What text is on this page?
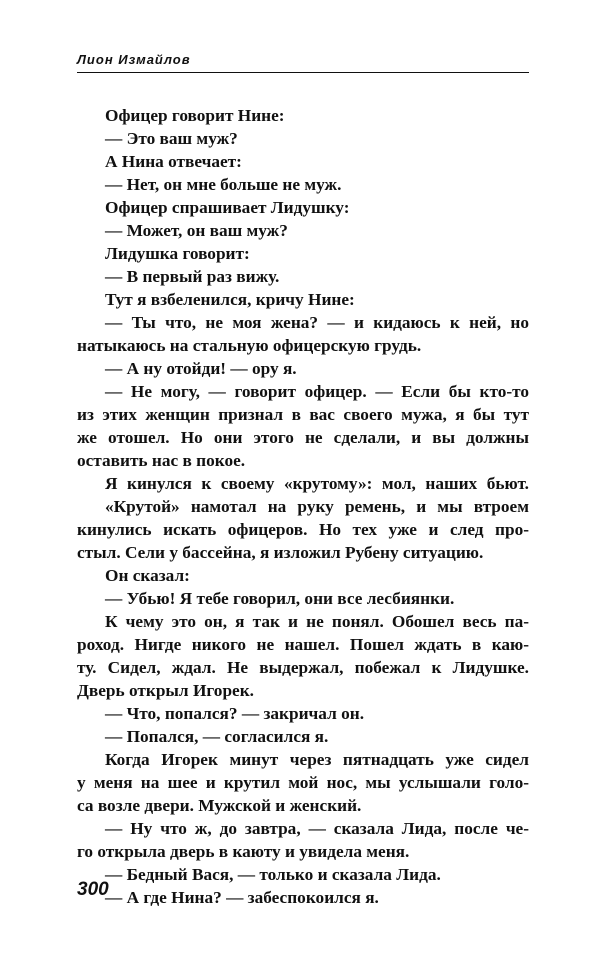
Лион Измайлов
Офицер говорит Нине:
— Это ваш муж?
А Нина отвечает:
— Нет, он мне больше не муж.
Офицер спрашивает Лидушку:
— Может, он ваш муж?
Лидушка говорит:
— В первый раз вижу.
Тут я взбеленился, кричу Нине:
— Ты что, не моя жена? — и кидаюсь к ней, но
натыкаюсь на стальную офицерскую грудь.
— А ну отойди! — ору я.
— Не могу, — говорит офицер. — Если бы кто-то
из этих женщин признал в вас своего мужа, я бы тут
же отошел. Но они этого не сделали, и вы должны
оставить нас в покое.
Я кинулся к своему «крутому»: мол, наших бьют.
«Крутой» намотал на руку ремень, и мы втроем
кинулись искать офицеров. Но тех уже и след про-
стыл. Сели у бассейна, я изложил Рубену ситуацию.
Он сказал:
— Убью! Я тебе говорил, они все лесбиянки.
К чему это он, я так и не понял. Обошел весь па-
роход. Нигде никого не нашел. Пошел ждать в каю-
ту. Сидел, ждал. Не выдержал, побежал к Лидушке.
Дверь открыл Игорек.
— Что, попался? — закричал он.
— Попался, — согласился я.
Когда Игорек минут через пятнадцать уже сидел
у меня на шее и крутил мой нос, мы услышали голо-
са возле двери. Мужской и женский.
— Ну что ж, до завтра, — сказала Лида, после че-
го открыла дверь в каюту и увидела меня.
— Бедный Вася, — только и сказала Лида.
— А где Нина? — забеспокоился я.
300
